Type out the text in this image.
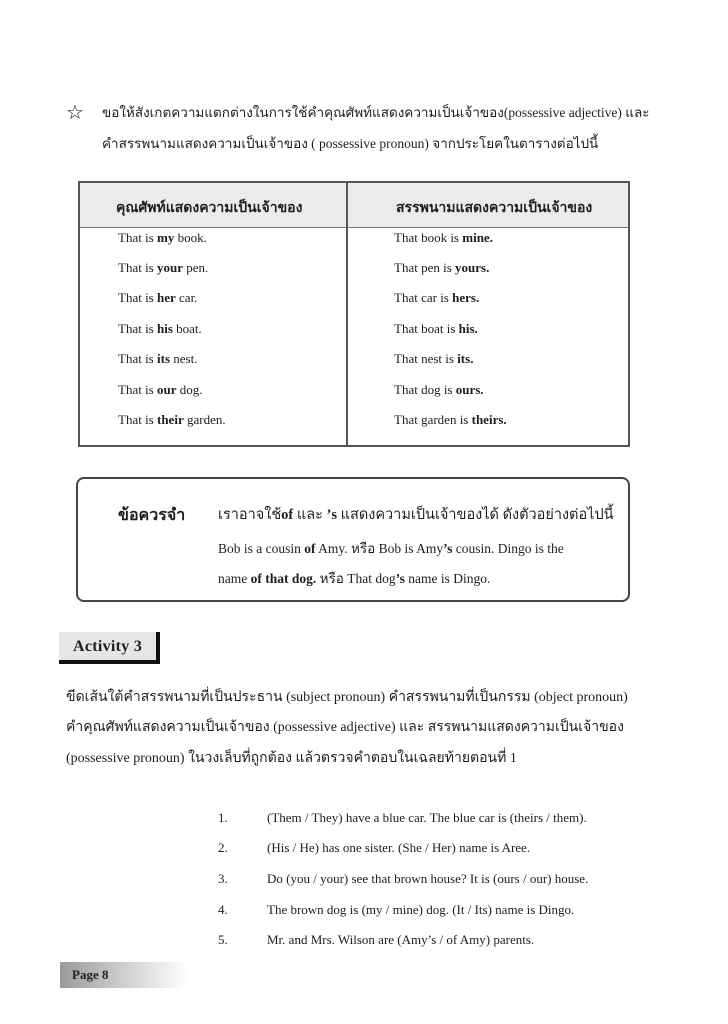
☆ ขอให้สังเกตความแตกต่างในการใช้คำคุณศัพท์แสดงความเป็นเจ้าของ(possessive adjective) และ
คำสรรพนามแสดงความเป็นเจ้าของ ( possessive pronoun) จากประโยคในตารางต่อไปนี้
คุณศัพท์แสดงความเป็นเจ้าของ	สรรพนามแสดงความเป็นเจ้าของ
That is my book.	That book is mine.
That is your pen.	That pen is yours.
That is her car.	That car is hers.
That is his boat.	That boat is his.
That is its nest.	That nest is its.
That is our dog.	That dog is ours.
That is their garden.	That garden is theirs.
ข้อควรจำ เราอาจใช้of และ ’s แสดงความเป็นเจ้าของได้ ดังตัวอย่างต่อไปนี้
Bob is a cousin of Amy. หรือ Bob is Amy’s cousin. Dingo is the
name of that dog. หรือ That dog’s name is Dingo.
Activity 3
ขีดเส้นใต้คำสรรพนามที่เป็นประธาน (subject pronoun) คำสรรพนามที่เป็นกรรม (object pronoun)
คำคุณศัพท์แสดงความเป็นเจ้าของ (possessive adjective) และ สรรพนามแสดงความเป็นเจ้าของ
(possessive pronoun) ในวงเล็บที่ถูกต้อง แล้วตรวจคำตอบในเฉลยท้ายตอนที่ 1
1.	(Them / They) have a blue car. The blue car is (theirs / them).
2.	(His / He) has one sister. (She / Her) name is Aree.
3.	Do (you / your) see that brown house? It is (ours / our) house.
4.	The brown dog is (my / mine) dog. (It / Its) name is Dingo.
5.	Mr. and Mrs. Wilson are (Amy’s / of Amy) parents.
Page 8
